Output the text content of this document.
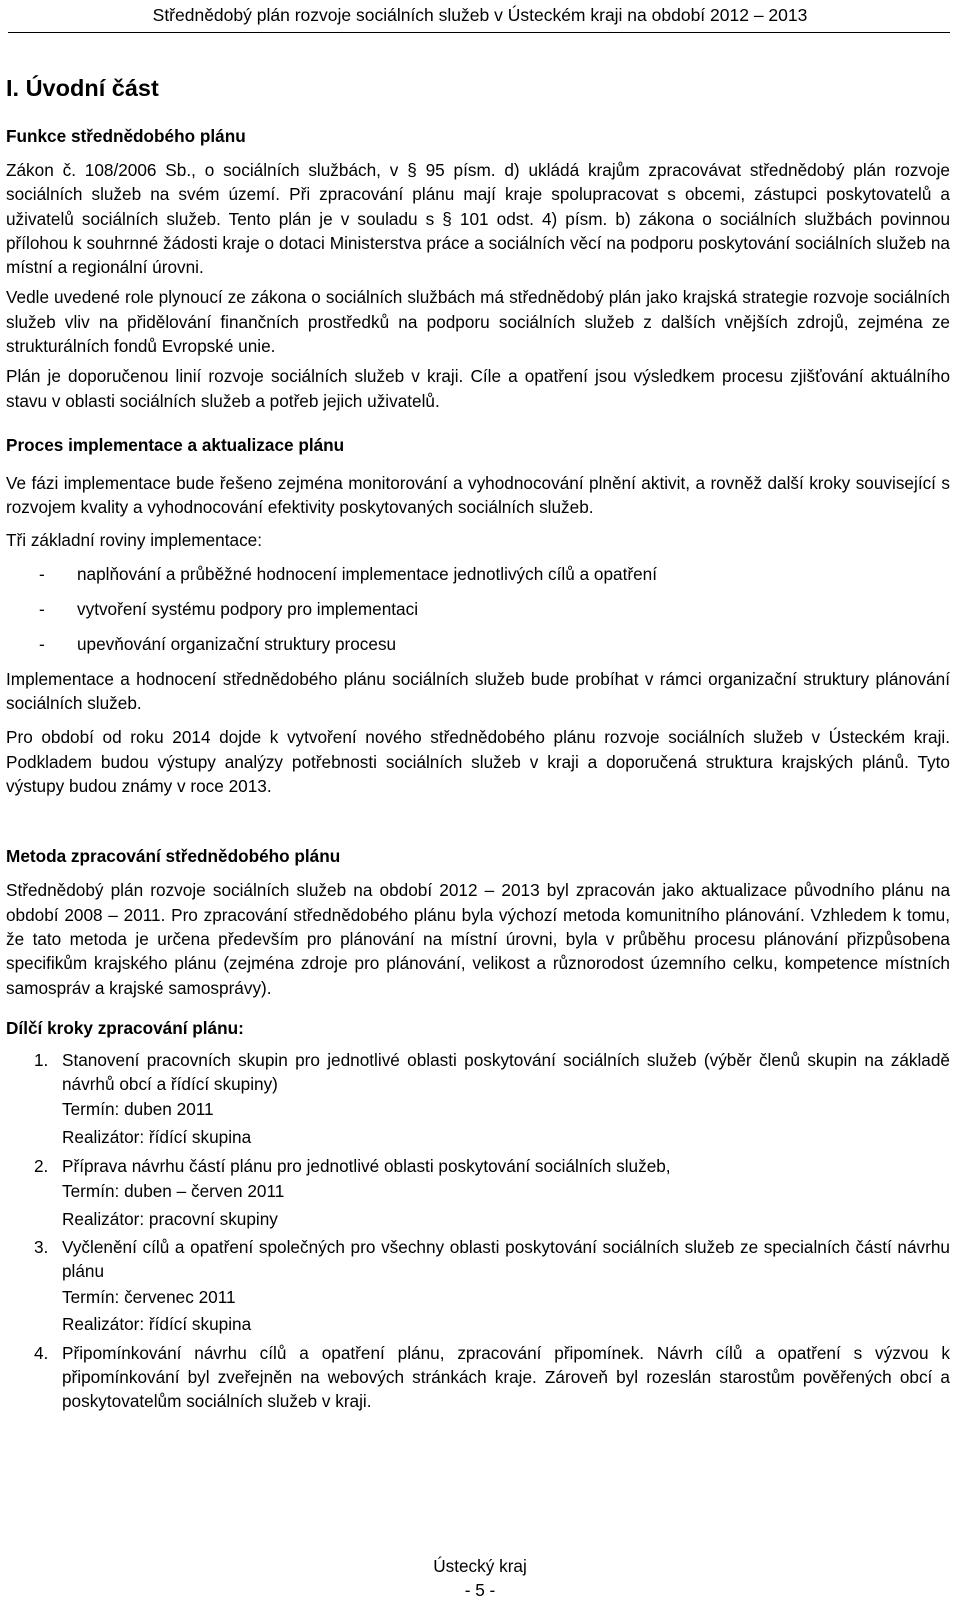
Střednědobý plán rozvoje sociálních služeb v Ústeckém kraji na období 2012 – 2013
I. Úvodní část
Funkce střednědobého plánu

Zákon č. 108/2006 Sb., o sociálních službách, v § 95 písm. d) ukládá krajům zpracovávat střednědobý plán rozvoje sociálních služeb na svém území. Při zpracování plánu mají kraje spolupracovat s obcemi, zástupci poskytovatelů a uživatelů sociálních služeb. Tento plán je v souladu s § 101 odst. 4) písm. b) zákona o sociálních službách povinnou přílohou k souhrnné žádosti kraje o dotaci Ministerstva práce a sociálních věcí na podporu poskytování sociálních služeb na místní a regionální úrovni.

Vedle uvedené role plynoucí ze zákona o sociálních službách má střednědobý plán jako krajská strategie rozvoje sociálních služeb vliv na přidělování finančních prostředků na podporu sociálních služeb z dalších vnějších zdrojů, zejména ze strukturálních fondů Evropské unie.

Plán je doporučenou linií rozvoje sociálních služeb v kraji. Cíle a opatření jsou výsledkem procesu zjišťování aktuálního stavu v oblasti sociálních služeb a potřeb jejich uživatelů.

Proces implementace a aktualizace plánu

Ve fázi implementace bude řešeno zejména monitorování a vyhodnocování plnění aktivit, a rovněž další kroky související s rozvojem kvality a vyhodnocování efektivity poskytovaných sociálních služeb.

Tři základní roviny implementace:

- naplňování a průběžné hodnocení implementace jednotlivých cílů a opatření
- vytvoření systému podpory pro implementaci
- upevňování organizační struktury procesu

Implementace a hodnocení střednědobého plánu sociálních služeb bude probíhat v rámci organizační struktury plánování sociálních služeb.

Pro období od roku 2014 dojde k vytvoření nového střednědobého plánu rozvoje sociálních služeb v Ústeckém kraji. Podkladem budou výstupy analýzy potřebnosti sociálních služeb v kraji a doporučená struktura krajských plánů. Tyto výstupy budou známy v roce 2013.

Metoda zpracování střednědobého plánu

Střednědobý plán rozvoje sociálních služeb na období 2012 – 2013 byl zpracován jako aktualizace původního plánu na období 2008 – 2011. Pro zpracování střednědobého plánu byla výchozí metoda komunitního plánování. Vzhledem k tomu, že tato metoda je určena především pro plánování na místní úrovni, byla v průběhu procesu plánování přizpůsobena specifikům krajského plánu (zejména zdroje pro plánování, velikost a různorodost územního celku, kompetence místních samospráv a krajské samosprávy).

Dílčí kroky zpracování plánu:
1. Stanovení pracovních skupin pro jednotlivé oblasti poskytování sociálních služeb (výběr členů skupin na základě návrhů obcí a řídící skupiny)

Termín: duben 2011
Realizátor: řídící skupina
2. Příprava návrhu částí plánu pro jednotlivé oblasti poskytování sociálních služeb,

Termín: duben – červen 2011
Realizátor: pracovní skupiny
3. Vyčlenění cílů a opatření společných pro všechny oblasti poskytování sociálních služeb ze specialních částí návrhu plánu

Termín: červenec 2011
Realizátor: řídící skupina
4. Připomínkování návrhu cílů a opatření plánu, zpracování připomínek. Návrh cílů a opatření s výzvou k připomínkování byl zveřejněn na webových stránkách kraje. Zároveň byl rozeslán starostům pověřených obcí a poskytovatelům sociálních služeb v kraji.

Ústecký kraj
- 5 -
